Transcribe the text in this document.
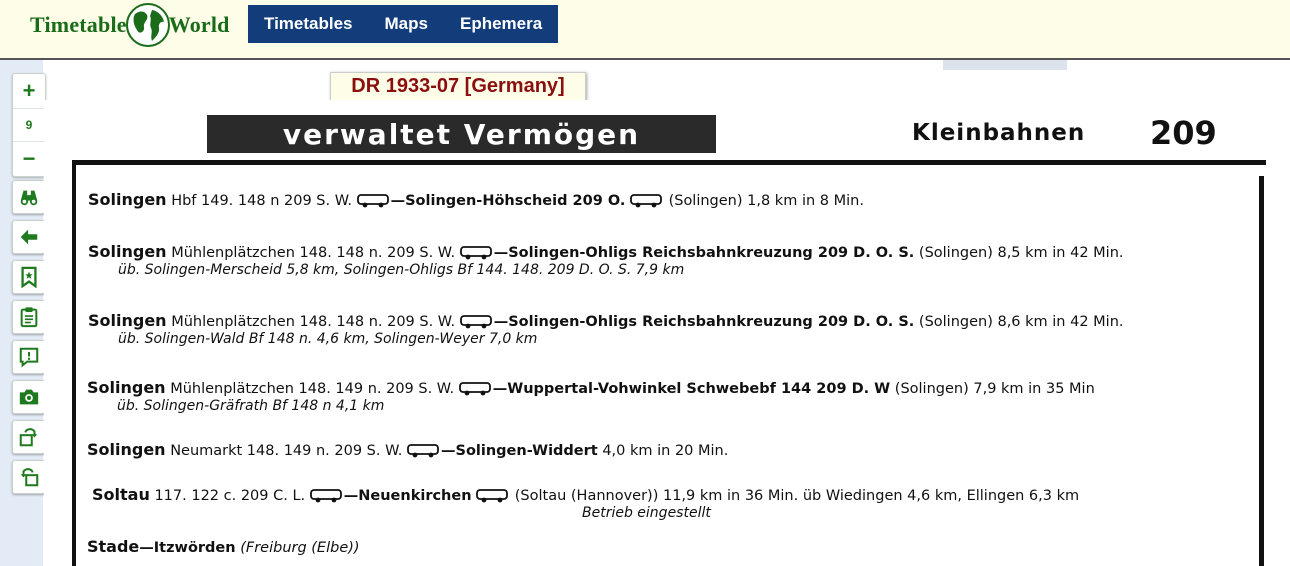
Timetable World	Timetables	Maps	Ephemera
+
9
−
DR 1933-07 [Germany]
verwaltet Vermögen	Kleinbahnen 209
Solingen Hbf 149. 148 n 209 S. W.	—Solingen-Höhscheid 209 O.	(Solingen) 1,8 km in 8 Min.
Solingen Mühlenplätzchen 148. 148 n. 209 S. W.	—Solingen-Ohligs Reichsbahnkreuzung 209 D. O. S. (Solingen) 8,5 km in 42 Min.
üb. Solingen-Merscheid 5,8 km, Solingen-Ohligs Bf 144. 148. 209 D. O. S. 7,9 km
Solingen Mühlenplätzchen 148. 148 n. 209 S. W.	—Solingen-Ohligs Reichsbahnkreuzung 209 D. O. S. (Solingen) 8,6 km in 42 Min.
üb. Solingen-Wald Bf 148 n. 4,6 km, Solingen-Weyer 7,0 km
Solingen Mühlenplätzchen 148. 149 n. 209 S. W.	—Wuppertal-Vohwinkel Schwebebf 144 209 D. W (Solingen) 7,9 km in 35 Min
üb. Solingen-Gräfrath Bf 148 n 4,1 km
Solingen Neumarkt 148. 149 n. 209 S. W.	—Solingen-Widdert 4,0 km in 20 Min.
Soltau 117. 122 c. 209 C. L.	—Neuenkirchen	(Soltau (Hannover)) 11,9 km in 36 Min. üb Wiedingen 4,6 km, Ellingen 6,3 km
Betrieb eingestellt
Stade—Itzwörden (Freiburg (Elbe))
